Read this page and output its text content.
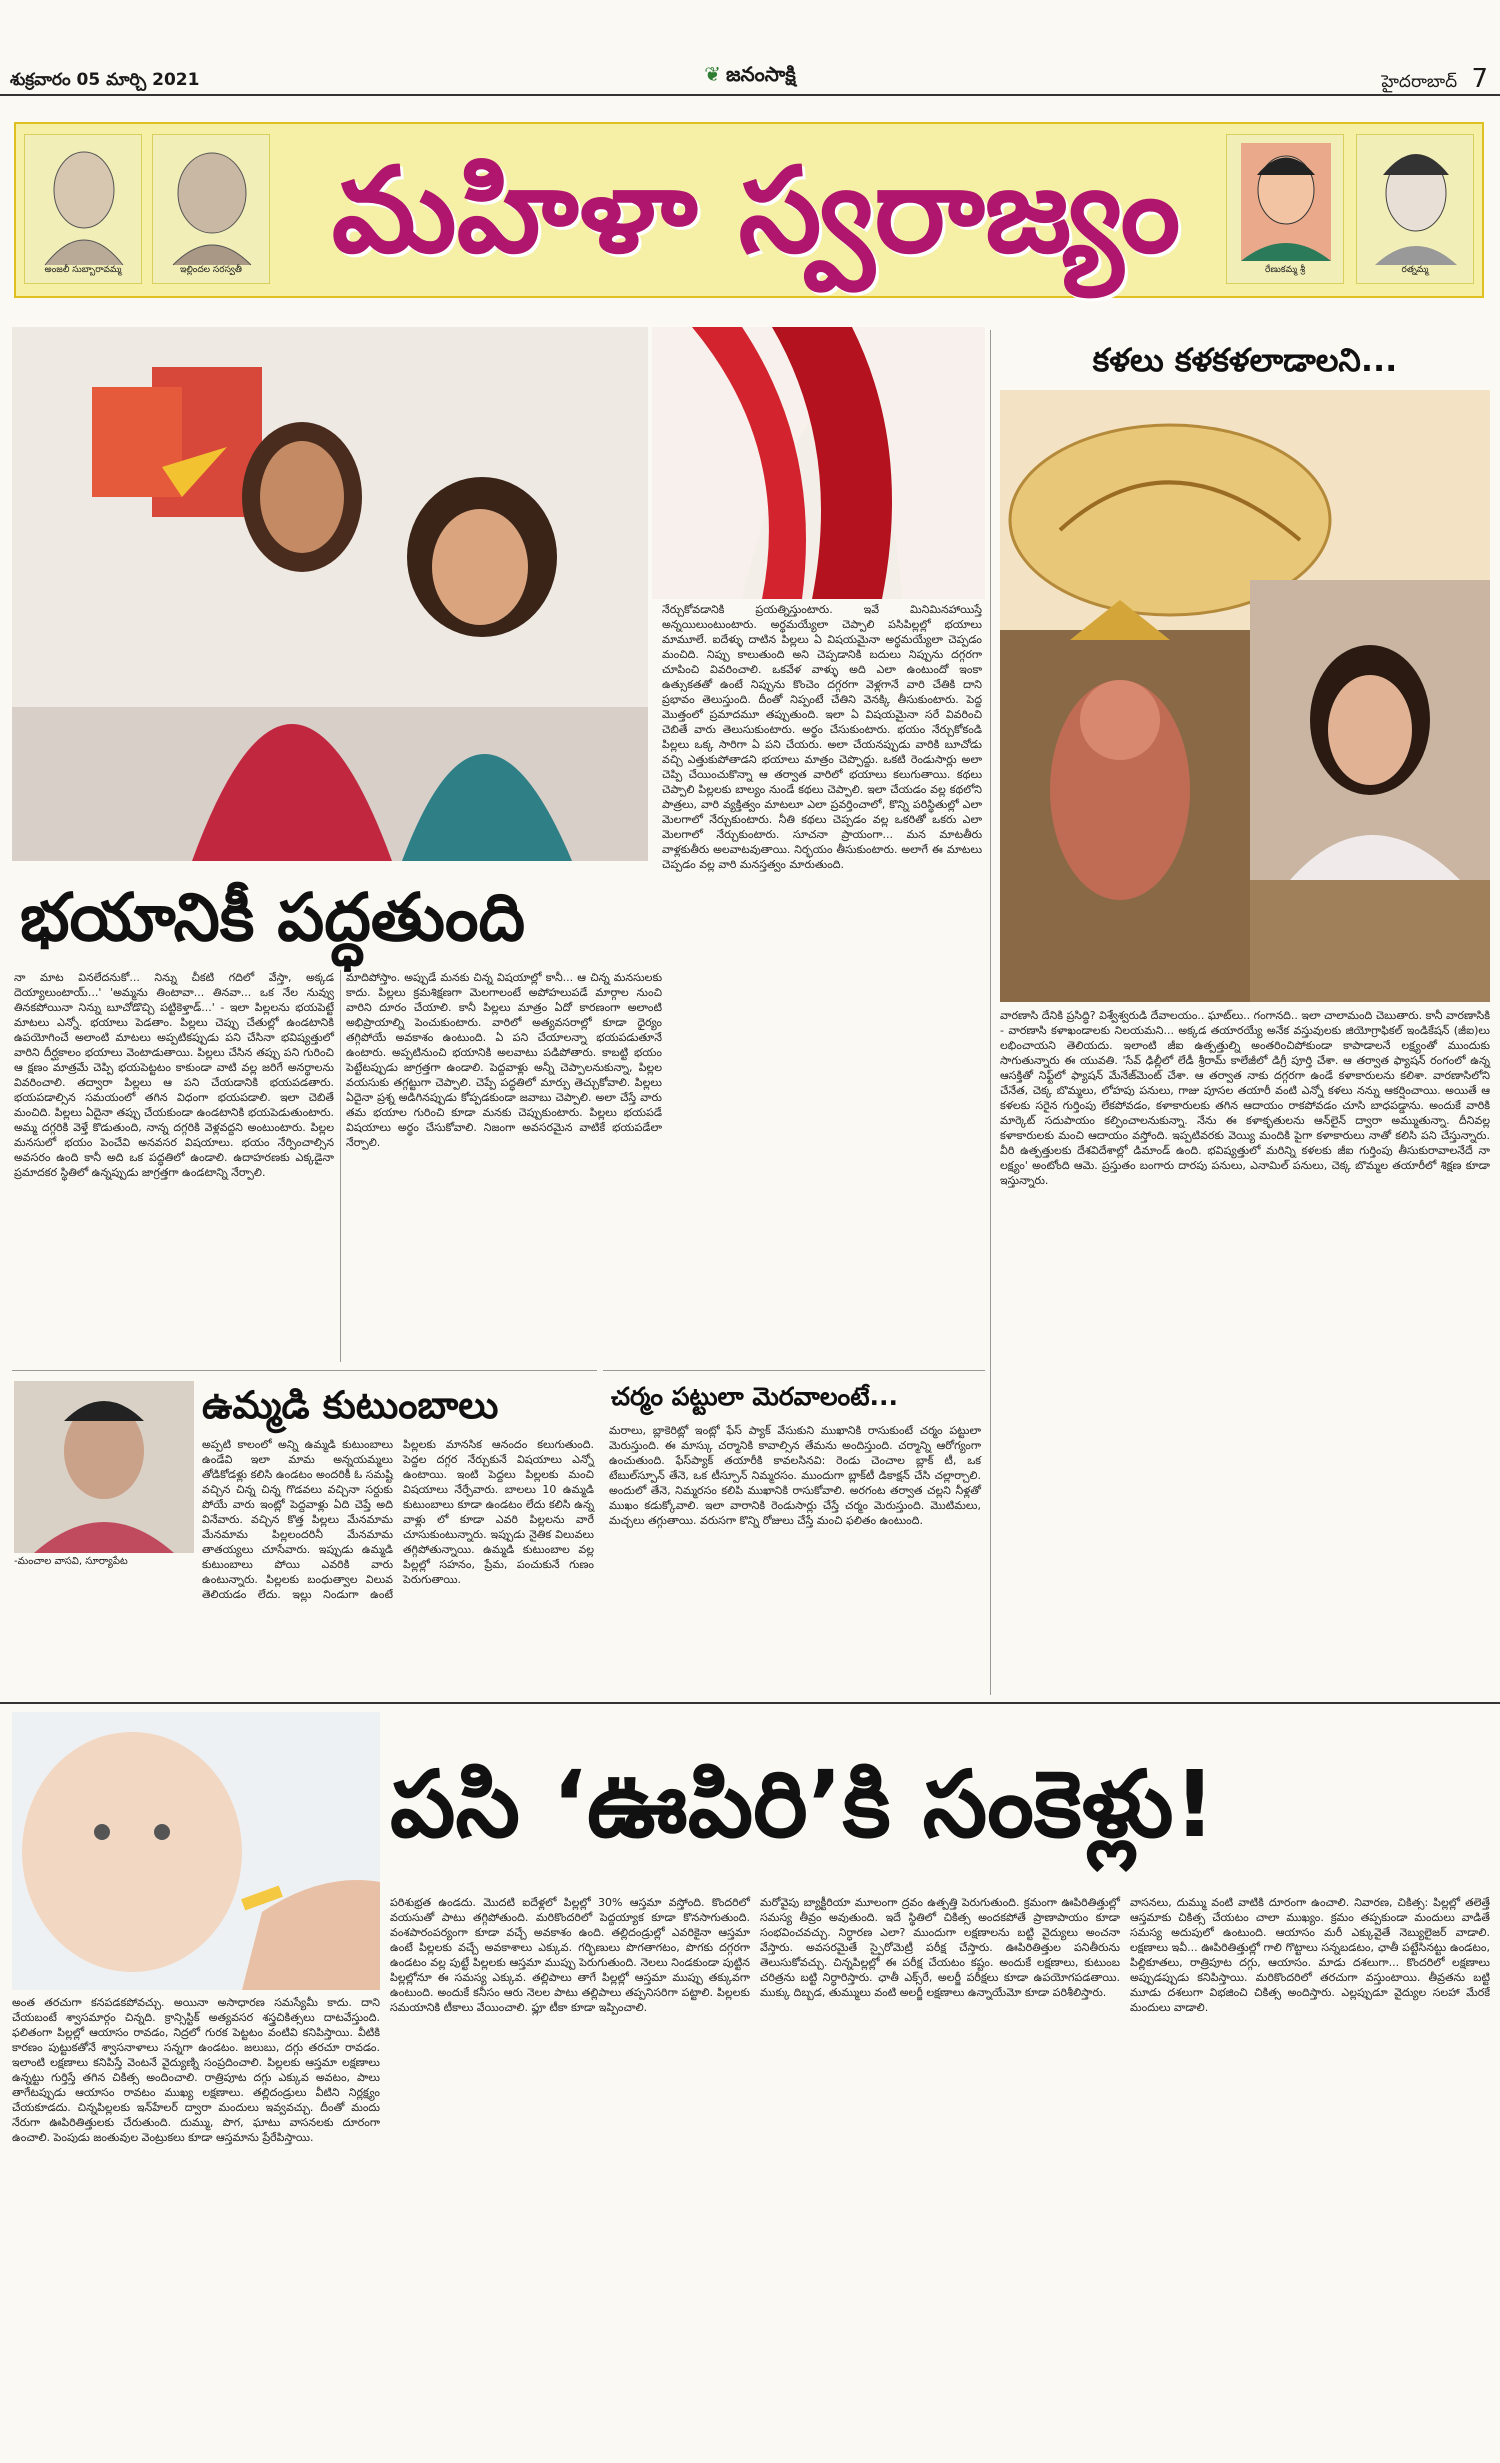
శుక్రవారం 05 మార్చి 2021	❦ జనంసాక్షి	హైదరాబాద్ 7
అంజలీ సుబ్బారావమ్మ	ఇల్లిందల సరస్వతీ మహిళా స్వరాజ్యం	రేణుకమ్మ శ్రీ	రత్నమ్మ
నేర్చుకోవడానికి ప్రయత్నిస్తుంటారు. ఇవే మినిమినహాయిస్తే అన్నయిలుంటుంటారు. అర్థమయ్యేలా చెప్పాలి పసిపిల్లల్లో భయాలు మామూలే. ఐదేళ్ళు దాటిన పిల్లలు ఏ విషయమైనా అర్థమయ్యేలా చెప్పడం మంచిది. నిప్పు కాలుతుంది అని చెప్పడానికి బదులు నిప్పును దగ్గరగా చూపించి వివరించాలి. ఒకవేళ వాళ్ళు అది ఎలా ఉంటుందో ఇంకా ఉత్సుకతతో ఉంటే నిప్పును కొంచెం దగ్గరగా వెళ్లగానే వారి చేతికి దాని ప్రభావం తెలుస్తుంది. దీంతో నిప్పంటే చేతిని వెనక్కి తీసుకుంటారు. పెద్ద మొత్తంలో ప్రమాదమూ తప్పుతుంది. ఇలా ఏ విషయమైనా సరే వివరించి చెబితే వారు తెలుసుకుంటారు. అర్థం చేసుకుంటారు. భయం నేర్చుకోకండి పిల్లలు ఒక్క సారిగా ఏ పని చేయరు. అలా చేయనప్పుడు వారికి బూచోడు వచ్చి ఎత్తుకుపోతాడని భయాలు మాత్రం చెప్పొద్దు. ఒకటి రెండుసార్లు అలా చెప్పి చేయించుకొన్నా ఆ తర్వాత వారిలో భయాలు కలుగుతాయి. కథలు చెప్పాలి పిల్లలకు బాల్యం నుండే కథలు చెప్పాలి. ఇలా చేయడం వల్ల కథలోని పాత్రలు, వారి వ్యక్తిత్వం మాటలూ ఎలా ప్రవర్తించాలో, కొన్ని పరిస్థితుల్లో ఎలా మెలగాలో నేర్చుకుంటారు. నీతి కథలు చెప్పడం వల్ల ఒకరితో ఒకరు ఎలా మెలగాలో నేర్చుకుంటారు. సూచనా ప్రాయంగా... మన మాటతీరు వాళ్లకుతీరు అలవాటవుతాయి. నిర్భయం తీసుకుంటారు. అలాగే ఈ మాటలు చెప్పడం వల్ల వారి మనస్తత్వం మారుతుంది.
భయానికీ పద్ధతుంది
నా మాట వినలేదనుకో... నిన్ను చీకటి గదిలో వేస్తా, అక్కడ దెయ్యాలుంటాయ్...' 'అమ్మను తింటావా... తినవా... ఒక నేల నువ్వు తినకపోయినా నిన్ను బూచోడొచ్చి పట్టికెళ్తాడ్...' - ఇలా పిల్లలను భయపెట్టే మాటలు ఎన్నో. భయాలు పెడతాం. పిల్లలు చెప్పు చేతుల్లో ఉండటానికి ఉపయోగించే అలాంటి మాటలు అప్పటికప్పుడు పని చేసినా భవిష్యత్తులో వారిని దీర్ఘకాలం భయాలు వెంటాడుతాయి. పిల్లలు చేసిన తప్పు పని గురించి ఆ క్షణం మాత్రమే చెప్పి భయపెట్టటం కాకుండా వాటి వల్ల జరిగే అనర్థాలను వివరించాలి. తద్వారా పిల్లలు ఆ పని చేయడానికి భయపడతారు. భయపడాల్సిన సమయంలో తగిన విధంగా భయపడాలి. ఇలా చెబితే మంచిది. పిల్లలు ఏదైనా తప్పు చేయకుండా ఉండటానికి భయపెడుతుంటారు. అమ్మ దగ్గరికి వెళ్తే కొడుతుంది, నాన్న దగ్గరికి వెళ్లవద్దని అంటుంటారు. పిల్లల మనసులో భయం పెంచేవి అనవసర విషయాలు. భయం నేర్పించాల్సిన అవసరం ఉంది కానీ అది ఒక పద్ధతిలో ఉండాలి. ఉదాహరణకు ఎక్కడైనా ప్రమాదకర స్థితిలో ఉన్నప్పుడు జాగ్రత్తగా ఉండటాన్ని నేర్పాలి.
మాదిపోస్తాం. అప్పుడే మనకు చిన్న విషయాల్లో కానీ... ఆ చిన్న మనసులకు కాదు. పిల్లలు క్రమశిక్షణగా మెలగాలంటే అపోహలుపడే మార్గాల నుంచి వారిని దూరం చేయాలి. కానీ పిల్లలు మాత్రం ఏదో కారణంగా అలాంటి అభిప్రాయాల్ని పెంచుకుంటారు. వారిలో అత్యవసరాల్లో కూడా ధైర్యం తగ్గిపోయే అవకాశం ఉంటుంది. ఏ పని చేయాలన్నా భయపడుతూనే ఉంటారు. అప్పటినుంచి భయానికి అలవాటు పడిపోతారు. కాబట్టి భయం పెట్టేటప్పుడు జాగ్రత్తగా ఉండాలి. పెద్దవాళ్లు అన్నీ చెప్పాలనుకున్నా, పిల్లల వయసుకు తగ్గట్టుగా చెప్పాలి. చెప్పే పద్ధతిలో మార్పు తెచ్చుకోవాలి. పిల్లలు ఏదైనా ప్రశ్న అడిగినప్పుడు కోప్పడకుండా జవాబు చెప్పాలి. అలా చేస్తే వారు తమ భయాల గురించి కూడా మనకు చెప్పుకుంటారు. పిల్లలు భయపడే విషయాలు అర్థం చేసుకోవాలి. నిజంగా అవసరమైన వాటికే భయపడేలా నేర్పాలి.
కళలు కళకళలాడాలని...
వారణాసి దేనికి ప్రసిద్ధి? విశ్వేశ్వరుడి దేవాలయం.. ఘాట్‌లు.. గంగానది.. ఇలా చాలామంది చెబుతారు. కానీ వారణాసికి - వారణాసి కళాఖండాలకు నిలయమని... అక్కడ తయారయ్యే అనేక వస్తువులకు జియోగ్రాఫికల్ ఇండికేషన్ (జీఐ)లు లభించాయని తెలియదు. ఇలాంటి జీఐ ఉత్పత్తుల్ని అంతరించిపోకుండా కాపాడాలనే లక్ష్యంతో ముందుకు సాగుతున్నారు ఈ యువతి. 'సేవ్ ఢిల్లీలో లేడీ శ్రీరామ్ కాలేజీలో డిగ్రీ పూర్తి చేశా. ఆ తర్వాత ఫ్యాషన్ రంగంలో ఉన్న ఆసక్తితో నిఫ్ట్‌లో ఫ్యాషన్ మేనేజ్‌మెంట్ చేశా. ఆ తర్వాత నాకు దగ్గరగా ఉండే కళాకారులను కలిశా. వారణాసిలోని చేనేత, చెక్క బొమ్మలు, లోహపు పనులు, గాజు పూసల తయారీ వంటి ఎన్నో కళలు నన్ను ఆకర్షించాయి. అయితే ఆ కళలకు సరైన గుర్తింపు లేకపోవడం, కళాకారులకు తగిన ఆదాయం రాకపోవడం చూసి బాధపడ్డాను. అందుకే వారికి మార్కెట్ సదుపాయం కల్పించాలనుకున్నా. నేను ఈ కళాకృతులను ఆన్‌లైన్ ద్వారా అమ్ముతున్నా. దీనివల్ల కళాకారులకు మంచి ఆదాయం వస్తోంది. ఇప్పటివరకు వెయ్యి మందికి పైగా కళాకారులు నాతో కలిసి పని చేస్తున్నారు. వీరి ఉత్పత్తులకు దేశవిదేశాల్లో డిమాండ్ ఉంది. భవిష్యత్తులో మరిన్ని కళలకు జీఐ గుర్తింపు తీసుకురావాలనేదే నా లక్ష్యం' అంటోంది ఆమె. ప్రస్తుతం బంగారు దారపు పనులు, ఎనామిల్ పనులు, చెక్క బొమ్మల తయారీలో శిక్షణ కూడా ఇస్తున్నారు.
-మంచాల వాసవి, సూర్యాపేట
ఉమ్మడి కుటుంబాలు
అప్పటి కాలంలో అన్ని ఉమ్మడి కుటుంబాలు ఉండేవి ఇలా మామ అన్నయమ్మలు తోడికోడళ్లు కలిసి ఉండటం అందరికీ ఓ సమష్టి వచ్చిన చిన్న చిన్న గొడవలు వచ్చినా సర్దుకు పోయే వారు ఇంట్లో పెద్దవాళ్లు ఏది చెప్తే అది వినేవారు. వచ్చిన కొత్త పిల్లలు మేనమామ మేనమామ పిల్లలందరినీ మేనమామ తాతయ్యలు చూసేవారు. ఇప్పుడు ఉమ్మడి కుటుంబాలు పోయి ఎవరికి వారు ఉంటున్నారు. పిల్లలకు బంధుత్వాల విలువ తెలియడం లేదు. ఇల్లు నిండుగా ఉంటే పిల్లలకు మానసిక ఆనందం కలుగుతుంది. పెద్దల దగ్గర నేర్చుకునే విషయాలు ఎన్నో ఉంటాయి. ఇంటి పెద్దలు పిల్లలకు మంచి విషయాలు నేర్పేవారు. బాలలు 10 ఉమ్మడి కుటుంబాలు కూడా ఉండటం లేదు కలిసి ఉన్న వాళ్లు లో కూడా ఎవరి పిల్లలను వారే చూసుకుంటున్నారు. ఇప్పుడు నైతిక విలువలు తగ్గిపోతున్నాయి. ఉమ్మడి కుటుంబాల వల్ల పిల్లల్లో సహనం, ప్రేమ, పంచుకునే గుణం పెరుగుతాయి.
చర్మం పట్టులా మెరవాలంటే...
మరాలు, బ్లాకెరిట్లో ఇంట్లో ఫేస్ ప్యాక్ వేసుకుని ముఖానికి రాసుకుంటే చర్మం పట్టులా మెరుస్తుంది. ఈ మాస్కు చర్మానికి కావాల్సిన తేమను అందిస్తుంది. చర్మాన్ని ఆరోగ్యంగా ఉంచుతుంది. ఫేస్‌ప్యాక్ తయారీకి కావలసినవి: రెండు చెంచాల బ్లాక్ టీ, ఒక టేబుల్‌స్పూన్ తేనె, ఒక టీస్పూన్ నిమ్మరసం. ముందుగా బ్లాక్‌టీ డికాక్షన్ చేసి చల్లార్చాలి. అందులో తేనె, నిమ్మరసం కలిపి ముఖానికి రాసుకోవాలి. అరగంట తర్వాత చల్లని నీళ్లతో ముఖం కడుక్కోవాలి. ఇలా వారానికి రెండుసార్లు చేస్తే చర్మం మెరుస్తుంది. మొటిమలు, మచ్చలు తగ్గుతాయి. వరుసగా కొన్ని రోజులు చేస్తే మంచి ఫలితం ఉంటుంది.
పసి ‘ఊపిరి’కి సంకెళ్లు!
అంత తరచుగా కనపడకపోవచ్చు. అయినా అసాధారణ సమస్యేమీ కాదు. దాని చేయబంటే శ్వాసమార్గం చిన్నది. క్రాన్సిస్టిక్ అత్యవసర శస్త్రచికిత్సలు దాటవేస్తుంది. ఫలితంగా పిల్లల్లో ఆయాసం రావడం, నిద్రలో గురక పెట్టటం వంటివి కనిపిస్తాయి. వీటికి కారణం పుట్టుకతోనే శ్వాసనాళాలు సన్నగా ఉండటం. జలుబు, దగ్గు తరచూ రావడం. ఇలాంటి లక్షణాలు కనిపిస్తే వెంటనే వైద్యుణ్ని సంప్రదించాలి. పిల్లలకు ఆస్తమా లక్షణాలు ఉన్నట్టు గుర్తిస్తే తగిన చికిత్స అందించాలి. రాత్రిపూట దగ్గు ఎక్కువ అవటం, పాలు తాగేటప్పుడు ఆయాసం రావటం ముఖ్య లక్షణాలు. తల్లిదండ్రులు వీటిని నిర్లక్ష్యం చేయకూడదు. చిన్నపిల్లలకు ఇన్‌హేలర్ ద్వారా మందులు ఇవ్వవచ్చు. దీంతో మందు నేరుగా ఊపిరితిత్తులకు చేరుతుంది. దుమ్ము, పొగ, ఘాటు వాసనలకు దూరంగా ఉంచాలి. పెంపుడు జంతువుల వెంట్రుకలు కూడా ఆస్తమాను ప్రేరేపిస్తాయి.
పరిశుభ్రత ఉండదు. మొదటి ఐదేళ్లలో పిల్లల్లో 30% ఆస్తమా వస్తోంది. కొందరిలో వయసుతో పాటు తగ్గిపోతుంది. మరికొందరిలో పెద్దయ్యాక కూడా కొనసాగుతుంది. వంశపారంపర్యంగా కూడా వచ్చే అవకాశం ఉంది. తల్లిదండ్రుల్లో ఎవరికైనా ఆస్తమా ఉంటే పిల్లలకు వచ్చే అవకాశాలు ఎక్కువ. గర్భిణులు పొగతాగటం, పొగకు దగ్గరగా ఉండటం వల్ల పుట్టే పిల్లలకు ఆస్తమా ముప్పు పెరుగుతుంది. నెలలు నిండకుండా పుట్టిన పిల్లల్లోనూ ఈ సమస్య ఎక్కువ. తల్లిపాలు తాగే పిల్లల్లో ఆస్తమా ముప్పు తక్కువగా ఉంటుంది. అందుకే కనీసం ఆరు నెలల పాటు తల్లిపాలు తప్పనిసరిగా పట్టాలి. పిల్లలకు సమయానికి టీకాలు వేయించాలి. ఫ్లూ టీకా కూడా ఇప్పించాలి.
మరోవైపు బ్యాక్టీరియా మూలంగా ద్రవం ఉత్పత్తి పెరుగుతుంది. క్రమంగా ఊపిరితిత్తుల్లో సమస్య తీవ్రం అవుతుంది. ఇదే స్థితిలో చికిత్స అందకపోతే ప్రాణాపాయం కూడా సంభవించవచ్చు. నిర్ధారణ ఎలా? ముందుగా లక్షణాలను బట్టి వైద్యులు అంచనా వేస్తారు. అవసరమైతే స్పైరోమెట్రీ పరీక్ష చేస్తారు. ఊపిరితిత్తుల పనితీరును తెలుసుకోవచ్చు. చిన్నపిల్లల్లో ఈ పరీక్ష చేయటం కష్టం. అందుకే లక్షణాలు, కుటుంబ చరిత్రను బట్టి నిర్ధారిస్తారు. ఛాతీ ఎక్స్‌రే, అలర్జీ పరీక్షలు కూడా ఉపయోగపడతాయి. ముక్కు దిబ్బడ, తుమ్ములు వంటి అలర్జీ లక్షణాలు ఉన్నాయేమో కూడా పరిశీలిస్తారు.
వాసనలు, దుమ్ము వంటి వాటికి దూరంగా ఉంచాలి. నివారణ, చికిత్స: పిల్లల్లో తలెత్తే ఆస్తమాకు చికిత్స చేయటం చాలా ముఖ్యం. క్రమం తప్పకుండా మందులు వాడితే సమస్య అదుపులో ఉంటుంది. ఆయాసం మరీ ఎక్కువైతే నెబ్యులైజర్ వాడాలి. లక్షణాలు ఇవీ... ఊపిరితిత్తుల్లో గాలి గొట్టాలు సన్నబడటం, ఛాతీ పట్టేసినట్టు ఉండటం, పిల్లికూతలు, రాత్రిపూట దగ్గు, ఆయాసం. మాడు దశలుగా... కొందరిలో లక్షణాలు అప్పుడప్పుడు కనిపిస్తాయి. మరికొందరిలో తరచుగా వస్తుంటాయి. తీవ్రతను బట్టి మూడు దశలుగా విభజించి చికిత్స అందిస్తారు. ఎల్లప్పుడూ వైద్యుల సలహా మేరకే మందులు వాడాలి.
